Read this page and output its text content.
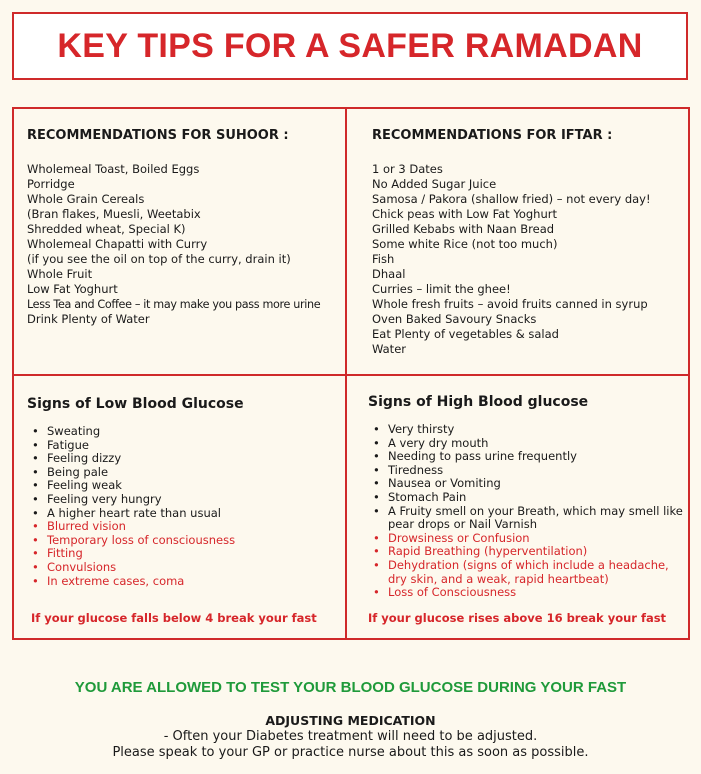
KEY TIPS FOR A SAFER RAMADAN
RECOMMENDATIONS FOR SUHOOR :
Wholemeal Toast, Boiled Eggs
Porridge
Whole Grain Cereals
(Bran flakes, Muesli, Weetabix
Shredded wheat, Special K)
Wholemeal Chapatti with Curry
(if you see the oil on top of the curry, drain it)
Whole Fruit
Low Fat Yoghurt
Less Tea and Coffee – it may make you pass more urine
Drink Plenty of Water
RECOMMENDATIONS FOR IFTAR :
1 or 3 Dates
No Added Sugar Juice
Samosa / Pakora (shallow fried) – not every day!
Chick peas with Low Fat Yoghurt
Grilled Kebabs with Naan Bread
Some white Rice (not too much)
Fish
Dhaal
Curries – limit the ghee!
Whole fresh fruits – avoid fruits canned in syrup
Oven Baked Savoury Snacks
Eat Plenty of vegetables & salad
Water
Signs of Low Blood Glucose
• Sweating
• Fatigue
• Feeling dizzy
• Being pale
• Feeling weak
• Feeling very hungry
• A higher heart rate than usual
• Blurred vision
• Temporary loss of consciousness
• Fitting
• Convulsions
• In extreme cases, coma
If your glucose falls below 4 break your fast
Signs of High Blood glucose
• Very thirsty
• A very dry mouth
• Needing to pass urine frequently
• Tiredness
• Nausea or Vomiting
• Stomach Pain
• A Fruity smell on your Breath, which may smell like pear drops or Nail Varnish
• Drowsiness or Confusion
• Rapid Breathing (hyperventilation)
• Dehydration (signs of which include a headache, dry skin, and a weak, rapid heartbeat)
• Loss of Consciousness
If your glucose rises above 16 break your fast
YOU ARE ALLOWED TO TEST YOUR BLOOD GLUCOSE DURING YOUR FAST
ADJUSTING MEDICATION
- Often your Diabetes treatment will need to be adjusted.
Please speak to your GP or practice nurse about this as soon as possible.
